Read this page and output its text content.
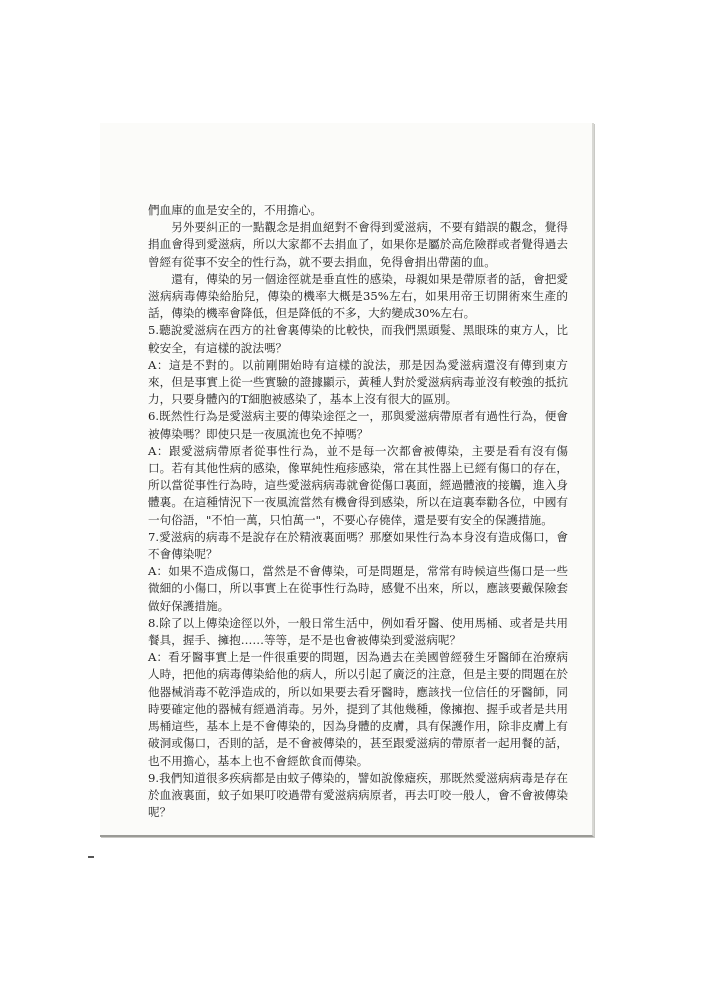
們血庫的血是安全的，不用擔心。

另外要糾正的一點觀念是捐血絕對不會得到愛滋病，不要有錯誤的觀念，覺得捐血會得到愛滋病，所以大家都不去捐血了，如果你是屬於高危險群或者覺得過去曾經有從事不安全的性行為，就不要去捐血，免得會捐出帶菌的血。

還有，傳染的另一個途徑就是垂直性的感染，母親如果是帶原者的話，會把愛滋病病毒傳染給胎兒，傳染的機率大概是35%左右，如果用帝王切開術來生產的話，傳染的機率會降低，但是降低的不多，大約變成30%左右。

5.聽說愛滋病在西方的社會裏傳染的比較快，而我們黑頭髮、黑眼珠的東方人，比較安全，有這樣的說法嗎？

A：這是不對的。以前剛開始時有這樣的說法，那是因為愛滋病還沒有傳到東方來，但是事實上從一些實驗的證據顯示，黃種人對於愛滋病病毒並沒有較強的抵抗力，只要身體內的T細胞被感染了，基本上沒有很大的區別。

6.既然性行為是愛滋病主要的傳染途徑之一，那與愛滋病帶原者有過性行為，便會被傳染嗎？即使只是一夜風流也免不掉嗎？

A：跟愛滋病帶原者從事性行為，並不是每一次都會被傳染，主要是看有沒有傷口。若有其他性病的感染，像單純性疱疹感染，常在其性器上已經有傷口的存在，所以當從事性行為時，這些愛滋病病毒就會從傷口裏面，經過體液的接觸，進入身體裏。在這種情況下一夜風流當然有機會得到感染，所以在這裏奉勸各位，中國有一句俗語，"不怕一萬，只怕萬一"，不要心存僥倖，還是要有安全的保護措施。

7.愛滋病的病毒不是說存在於精液裏面嗎？那麼如果性行為本身沒有造成傷口，會不會傳染呢？

A：如果不造成傷口，當然是不會傳染，可是問題是，常常有時候這些傷口是一些微細的小傷口，所以事實上在從事性行為時，感覺不出來，所以，應該要戴保險套做好保護措施。

8.除了以上傳染途徑以外，一般日常生活中，例如看牙醫、使用馬桶、或者是共用餐具，握手、擁抱……等等，是不是也會被傳染到愛滋病呢？

A：看牙醫事實上是一件很重要的問題，因為過去在美國曾經發生牙醫師在治療病人時，把他的病毒傳染給他的病人，所以引起了廣泛的注意，但是主要的問題在於他器械消毒不乾淨造成的，所以如果要去看牙醫時，應該找一位信任的牙醫師，同時要確定他的器械有經過消毒。另外，提到了其他幾種，像擁抱、握手或者是共用馬桶這些，基本上是不會傳染的，因為身體的皮膚，具有保護作用，除非皮膚上有破洞或傷口，否則的話，是不會被傳染的，甚至跟愛滋病的帶原者一起用餐的話，也不用擔心，基本上也不會經飲食而傳染。

9.我們知道很多疾病都是由蚊子傳染的，譬如說像瘧疾，那既然愛滋病病毒是存在於血液裏面，蚊子如果叮咬過帶有愛滋病病原者，再去叮咬一般人，會不會被傳染呢？
